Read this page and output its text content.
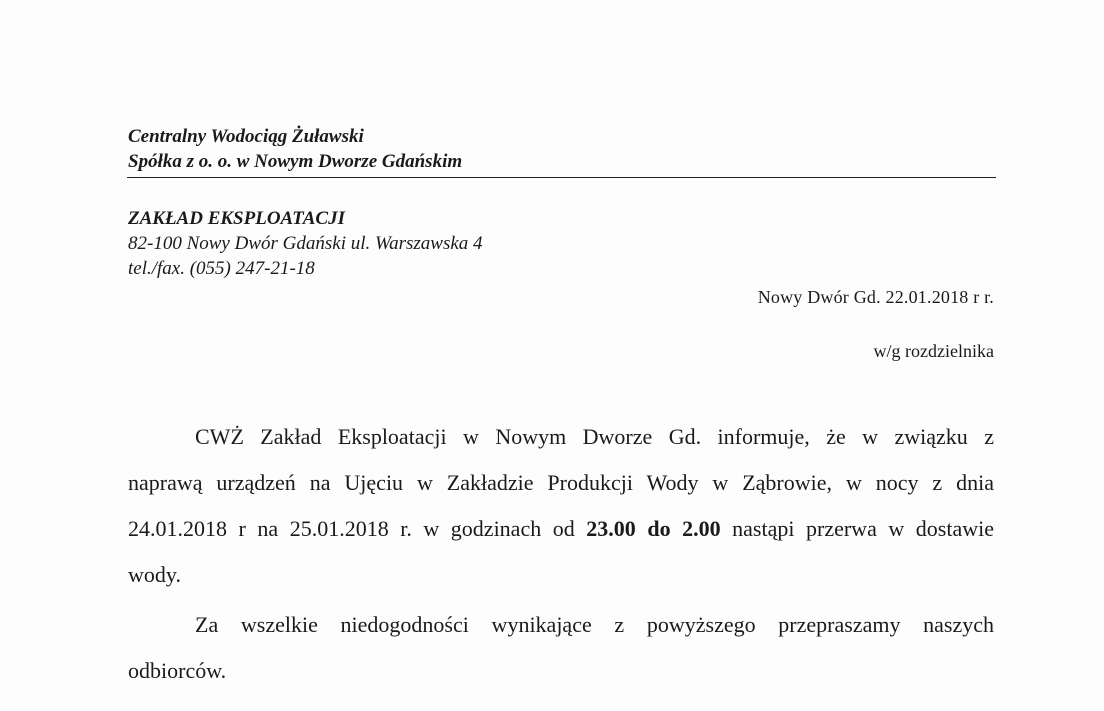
Centralny Wodociąg Żuławski
Spółka z o. o. w Nowym Dworze Gdańskim
ZAKŁAD EKSPLOATACJI
82-100 Nowy Dwór Gdański ul. Warszawska 4
tel./fax. (055) 247-21-18
Nowy Dwór Gd. 22.01.2018 r r.
w/g rozdzielnika

CWŻ Zakład Eksploatacji w Nowym Dworze Gd. informuje, że w związku z naprawą urządzeń na Ujęciu w Zakładzie Produkcji Wody w Ząbrowie, w nocy z dnia 24.01.2018 r na 25.01.2018 r. w godzinach od 23.00 do 2.00 nastąpi przerwa w dostawie wody.

Za wszelkie niedogodności wynikające z powyższego przepraszamy naszych odbiorców.
